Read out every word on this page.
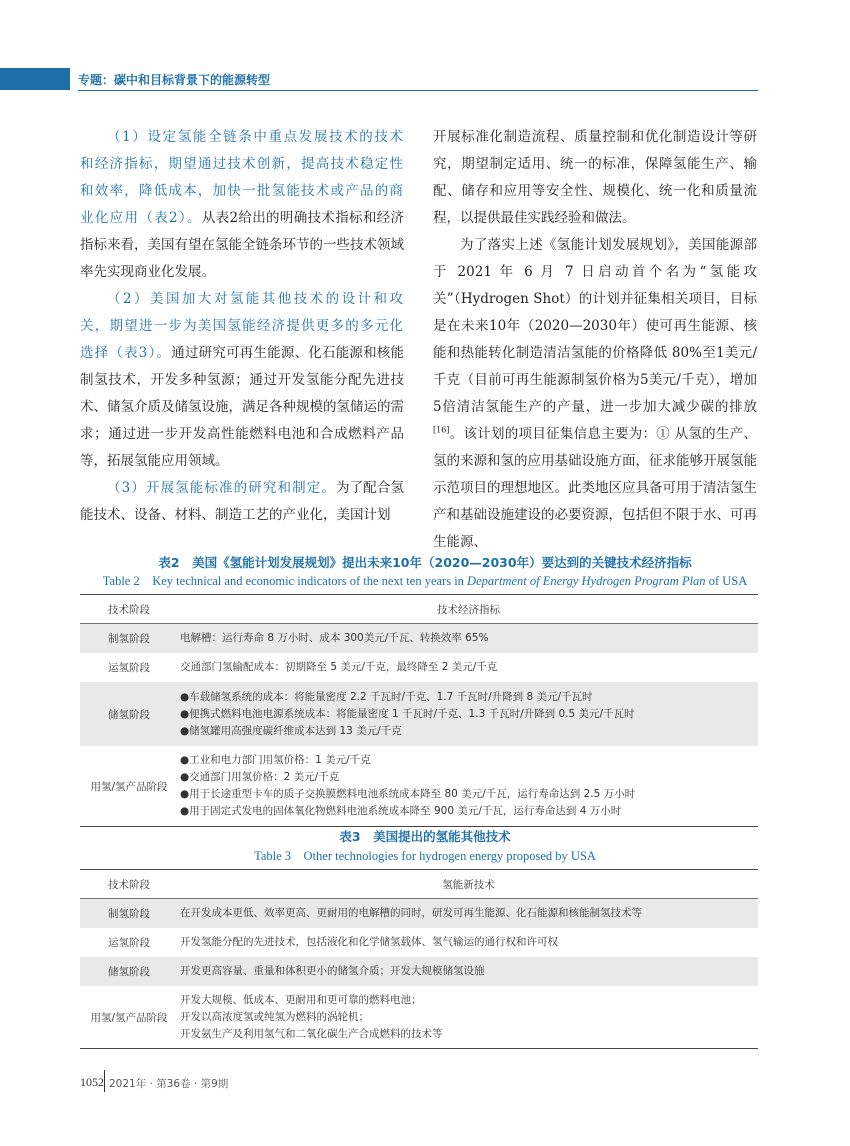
专题：碳中和目标背景下的能源转型

（1）设定氢能全链条中重点发展技术的技术和经济指标，期望通过技术创新，提高技术稳定性和效率，降低成本，加快一批氢能技术或产品的商业化应用（表2）。从表2给出的明确技术指标和经济指标来看，美国有望在氢能全链条环节的一些技术领域率先实现商业化发展。

（2）美国加大对氢能其他技术的设计和攻关，期望进一步为美国氢能经济提供更多的多元化选择（表3）。通过研究可再生能源、化石能源和核能制氢技术，开发多种氢源；通过开发氢能分配先进技术、储氢介质及储氢设施，满足各种规模的氢储运的需求；通过进一步开发高性能燃料电池和合成燃料产品等，拓展氢能应用领域。

（3）开展氢能标准的研究和制定。为了配合氢能技术、设备、材料、制造工艺的产业化，美国计划

开展标准化制造流程、质量控制和优化制造设计等研究，期望制定适用、统一的标准，保障氢能生产、输配、储存和应用等安全性、规模化、统一化和质量流程，以提供最佳实践经验和做法。

为了落实上述《氢能计划发展规划》，美国能源部于 2021 年 6 月 7 日启动首个名为“氢能攻关”（Hydrogen Shot）的计划并征集相关项目，目标是在未来10年（2020—2030年）使可再生能源、核能和热能转化制造清洁氢能的价格降低 80%至1美元/千克（目前可再生能源制氢价格为5美元/千克），增加5倍清洁氢能生产的产量，进一步加大减少碳的排放[16]。该计划的项目征集信息主要为：① 从氢的生产、氢的来源和氢的应用基础设施方面，征求能够开展氢能示范项目的理想地区。此类地区应具备可用于清洁氢生产和基础设施建设的必要资源，包括但不限于水、可再生能源、

表2　美国《氢能计划发展规划》提出未来10年（2020—2030年）要达到的关键技术经济指标
Table 2　Key technical and economic indicators of the next ten years in Department of Energy Hydrogen Program Plan of USA
技术阶段	技术经济指标
制氢阶段	电解槽：运行寿命 8 万小时、成本 300美元/千瓦、转换效率 65%

运氢阶段	交通部门氢输配成本：初期降至 5 美元/千克，最终降至 2 美元/千克

储氢阶段	●车载储氢系统的成本：将能量密度 2.2 千瓦时/千克、1.7 千瓦时/升降到 8 美元/千瓦时
●便携式燃料电池电源系统成本：将能量密度 1 千瓦时/千克、1.3 千瓦时/升降到 0.5 美元/千瓦时
●储氢罐用高强度碳纤维成本达到 13 美元/千克

用氢/氢产品阶段	●工业和电力部门用氢价格：1 美元/千克
●交通部门用氢价格：2 美元/千克
●用于长途重型卡车的质子交换膜燃料电池系统成本降至 80 美元/千瓦，运行寿命达到 2.5 万小时
●用于固定式发电的固体氧化物燃料电池系统成本降至 900 美元/千瓦，运行寿命达到 4 万小时
表3　美国提出的氢能其他技术
Table 3　Other technologies for hydrogen energy proposed by USA
技术阶段	氢能新技术
制氢阶段	在开发成本更低、效率更高、更耐用的电解槽的同时，研发可再生能源、化石能源和核能制氢技术等

运氢阶段	开发氢能分配的先进技术，包括液化和化学储氢载体、氢气输运的通行权和许可权

储氢阶段	开发更高容量、重量和体积更小的储氢介质；开发大规模储氢设施

用氢/氢产品阶段	开发大规模、低成本、更耐用和更可靠的燃料电池；
开发以高浓度氢或纯氢为燃料的涡轮机；
开发氨生产及利用氢气和二氧化碳生产合成燃料的技术等
1052 2021年 · 第36卷 · 第9期
